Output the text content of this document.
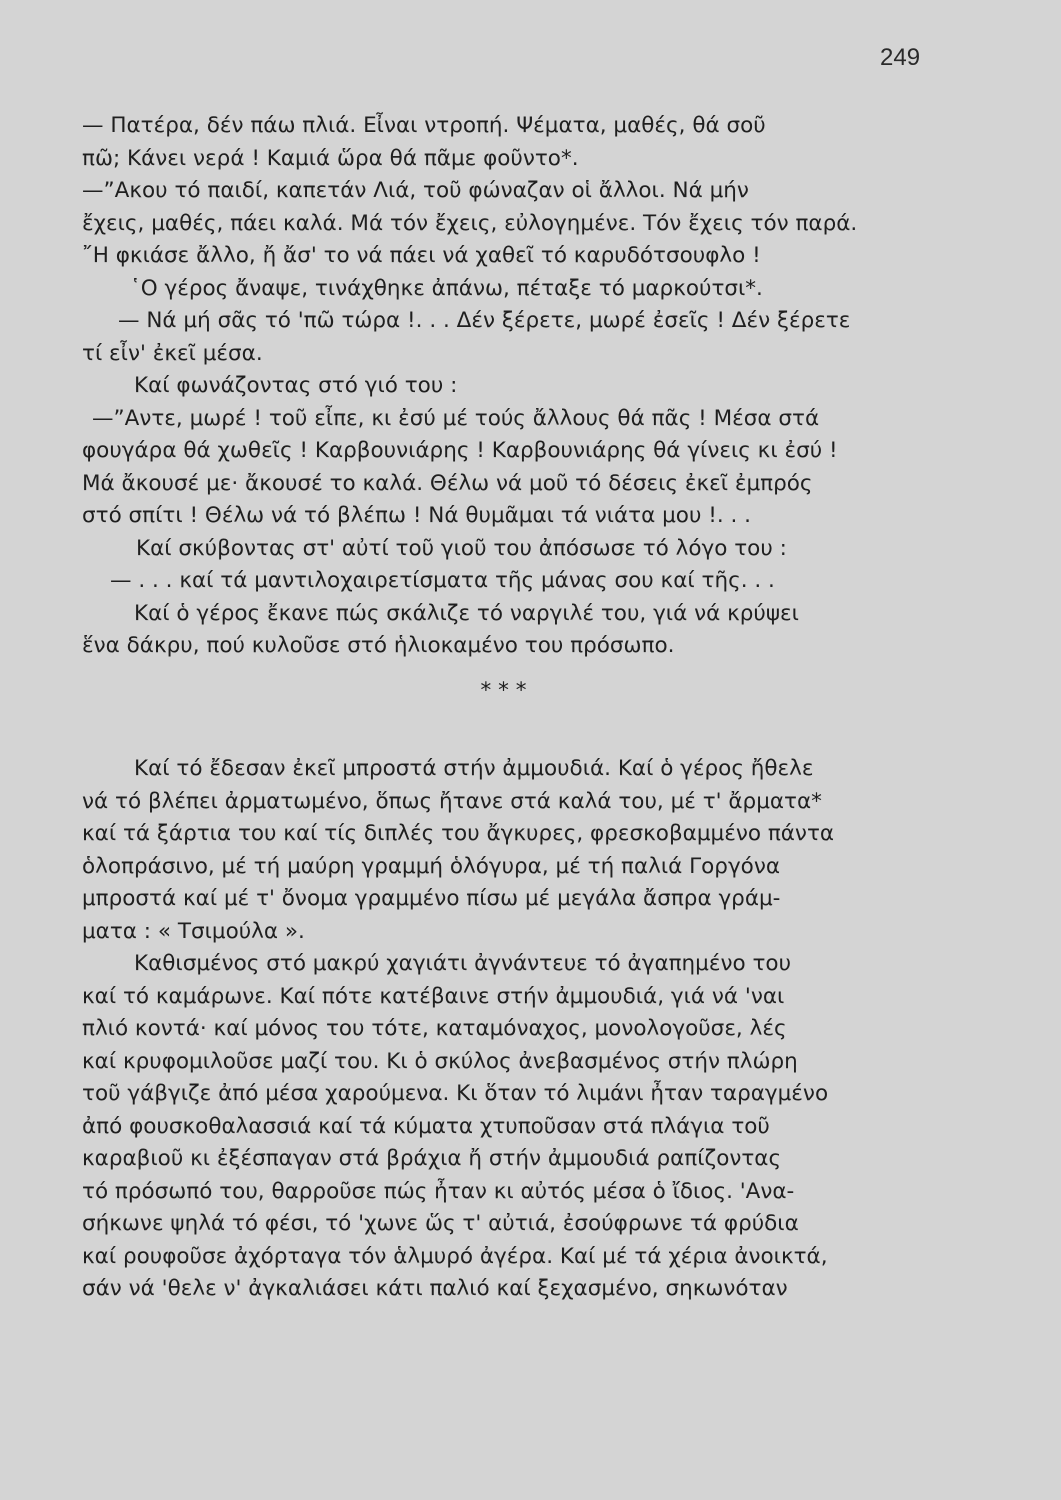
249
— Πατέρα, δέν πάω πλιά. Εἶναι ντροπή. Ψέματα, μαθές, θά σοῦ
πῶ; Κάνει νερά ! Καμιά ὥρα θά πᾶμε φοῦντο*.
—”Ακου τό παιδί, καπετάν Λιά, τοῦ φώναζαν οἱ ἄλλοι. Νά μήν
ἔχεις, μαθές, πάει καλά. Μά τόν ἔχεις, εὐλογημένε. Τόν ἔχεις τόν παρά.
῎Η φκιάσε ἄλλο, ἤ ἄσ' το νά πάει νά χαθεῖ τό καρυδότσουφλο !
῾Ο γέρος ἄναψε, τινάχθηκε ἀπάνω, πέταξε τό μαρκούτσι*.
— Νά μή σᾶς τό 'πῶ τώρα !. . . Δέν ξέρετε, μωρέ ἐσεῖς ! Δέν ξέρετε
τί εἶν' ἐκεῖ μέσα.
Καί φωνάζοντας στό γιό του :
—”Αντε, μωρέ ! τοῦ εἶπε, κι ἐσύ μέ τούς ἄλλους θά πᾶς ! Μέσα στά
φουγάρα θά χωθεῖς ! Καρβουνιάρης ! Καρβουνιάρης θά γίνεις κι ἐσύ !
Μά ἄκουσέ με· ἄκουσέ το καλά. Θέλω νά μοῦ τό δέσεις ἐκεῖ ἐμπρός
στό σπίτι ! Θέλω νά τό βλέπω ! Νά θυμᾶμαι τά νιάτα μου !. . .
Καί σκύβοντας στ' αὐτί τοῦ γιοῦ του ἀπόσωσε τό λόγο του :
— . . . καί τά μαντιλοχαιρετίσματα τῆς μάνας σου καί τῆς. . .
Καί ὁ γέρος ἔκανε πώς σκάλιζε τό ναργιλέ του, γιά νά κρύψει
ἕνα δάκρυ, πού κυλοῦσε στό ἡλιοκαμένο του πρόσωπο.
* * *
Καί τό ἔδεσαν ἐκεῖ μπροστά στήν ἀμμουδιά. Καί ὁ γέρος ἤθελε
νά τό βλέπει ἀρματωμένο, ὅπως ἤτανε στά καλά του, μέ τ' ἄρματα*
καί τά ξάρτια του καί τίς διπλές του ἄγκυρες, φρεσκοβαμμένο πάντα
ὁλοπράσινο, μέ τή μαύρη γραμμή ὁλόγυρα, μέ τή παλιά Γοργόνα
μπροστά καί μέ τ' ὄνομα γραμμένο πίσω μέ μεγάλα ἄσπρα γράμ-
ματα : « Τσιμούλα ».
Καθισμένος στό μακρύ χαγιάτι ἀγνάντευε τό ἀγαπημένο του
καί τό καμάρωνε. Καί πότε κατέβαινε στήν ἀμμουδιά, γιά νά 'ναι
πλιό κοντά· καί μόνος του τότε, καταμόναχος, μονολογοῦσε, λές
καί κρυφομιλοῦσε μαζί του. Κι ὁ σκύλος ἀνεβασμένος στήν πλώρη
τοῦ γάβγιζε ἀπό μέσα χαρούμενα. Κι ὅταν τό λιμάνι ἦταν ταραγμένο
ἀπό φουσκοθαλασσιά καί τά κύματα χτυποῦσαν στά πλάγια τοῦ
καραβιοῦ κι ἐξέσπαγαν στά βράχια ἤ στήν ἀμμουδιά ραπίζοντας
τό πρόσωπό του, θαρροῦσε πώς ἦταν κι αὐτός μέσα ὁ ἴδιος. 'Ανα-
σήκωνε ψηλά τό φέσι, τό 'χωνε ὥς τ' αὐτιά, ἐσούφρωνε τά φρύδια
καί ρουφοῦσε ἀχόρταγα τόν ἁλμυρό ἀγέρα. Καί μέ τά χέρια ἀνοικτά,
σάν νά 'θελε ν' ἀγκαλιάσει κάτι παλιό καί ξεχασμένο, σηκωνόταν
